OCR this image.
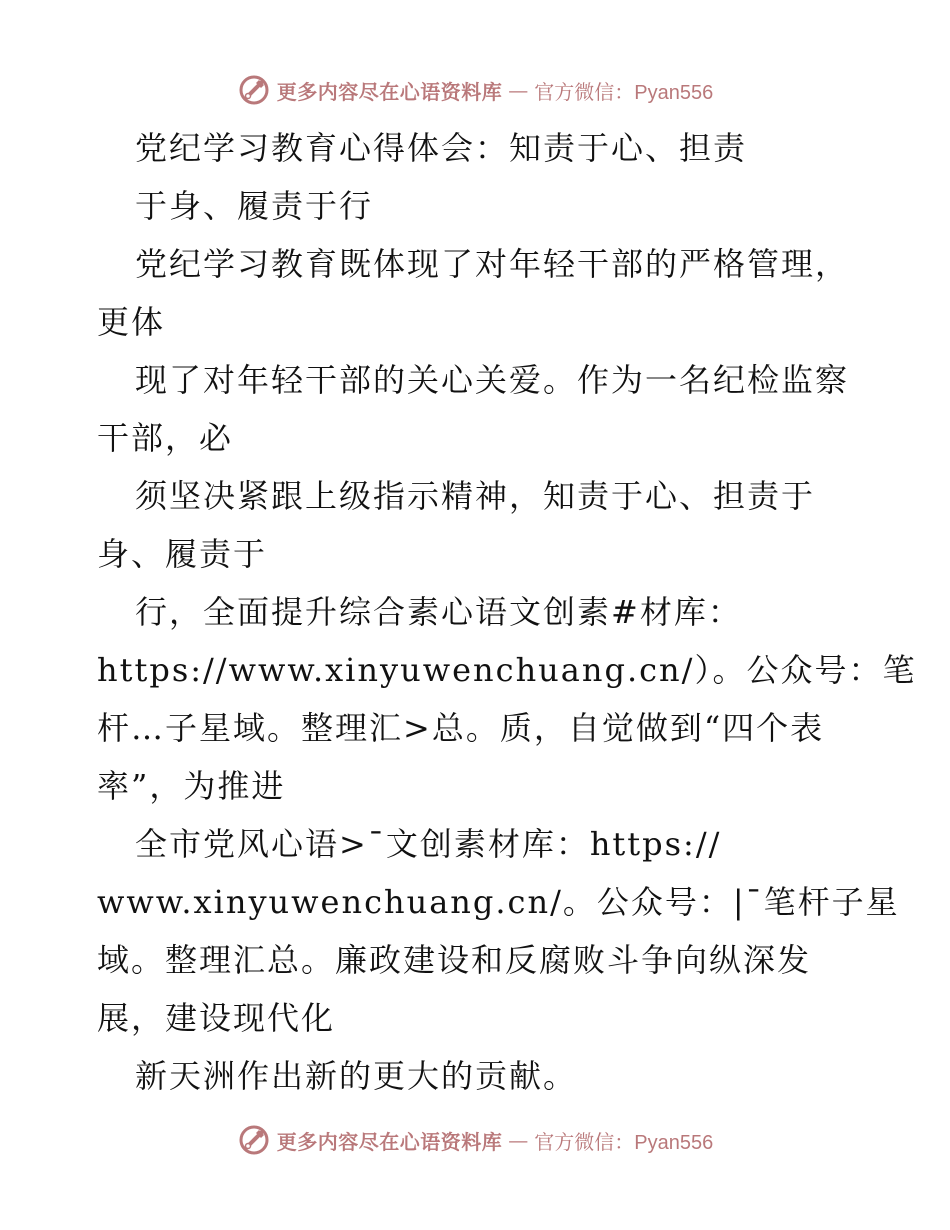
更多内容尽在心语资料库 — 官方微信：Pyan556
党纪学习教育心得体会：知责于心、担责
于身、履责于行
党纪学习教育既体现了对年轻干部的严格管理，
更体
现了对年轻干部的关心关爱。作为一名纪检监察
干部，必
须坚决紧跟上级指示精神，知责于心、担责于
身、履责于
行，全面提升综合素心语文创素#材库：
https://www.xinyuwenchuang.cn/）。公众号：笔
杆…子星域。整理汇>总。质，自觉做到“四个表
率”，为推进
全市党风心语>¯文创素材库：https://
www.xinyuwenchuang.cn/。公众号：|¯笔杆子星
域。整理汇总。廉政建设和反腐败斗争向纵深发
展，建设现代化
新天洲作出新的更大的贡献。
更多内容尽在心语资料库 — 官方微信：Pyan556
